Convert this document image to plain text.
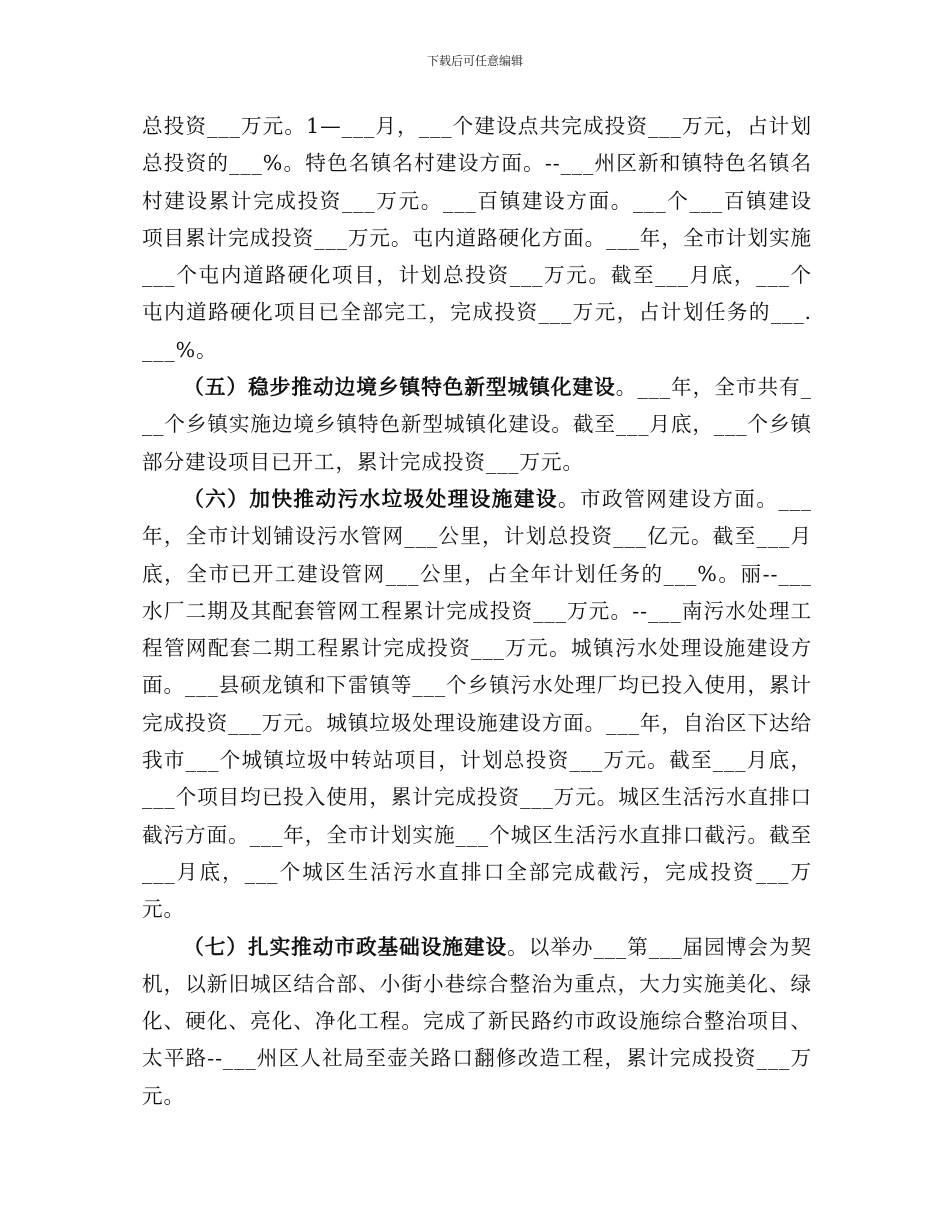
下载后可任意编辑

总投资___万元。1—___月，___个建设点共完成投资___万元，占计划总投资的___%。特色名镇名村建设方面。--___州区新和镇特色名镇名村建设累计完成投资___万元。___百镇建设方面。___个___百镇建设项目累计完成投资___万元。屯内道路硬化方面。___年，全市计划实施___个屯内道路硬化项目，计划总投资___万元。截至___月底，___个屯内道路硬化项目已全部完工，完成投资___万元，占计划任务的___. ___%。

（五）稳步推动边境乡镇特色新型城镇化建设。___年，全市共有___个乡镇实施边境乡镇特色新型城镇化建设。截至___月底，___个乡镇部分建设项目已开工，累计完成投资___万元。

（六）加快推动污水垃圾处理设施建设。市政管网建设方面。___年，全市计划铺设污水管网___公里，计划总投资___亿元。截至___月底，全市已开工建设管网___公里，占全年计划任务的___%。丽--___水厂二期及其配套管网工程累计完成投资___万元。--___南污水处理工程管网配套二期工程累计完成投资___万元。城镇污水处理设施建设方面。___县硕龙镇和下雷镇等___个乡镇污水处理厂均已投入使用，累计完成投资___万元。城镇垃圾处理设施建设方面。___年，自治区下达给我市___个城镇垃圾中转站项目，计划总投资___万元。截至___月底，___个项目均已投入使用，累计完成投资___万元。城区生活污水直排口截污方面。___年，全市计划实施___个城区生活污水直排口截污。截至___月底，___个城区生活污水直排口全部完成截污，完成投资___万元。

（七）扎实推动市政基础设施建设。以举办___第___届园博会为契机，以新旧城区结合部、小街小巷综合整治为重点，大力实施美化、绿化、硬化、亮化、净化工程。完成了新民路约市政设施综合整治项目、太平路--___州区人社局至壶关路口翻修改造工程，累计完成投资___万元。
